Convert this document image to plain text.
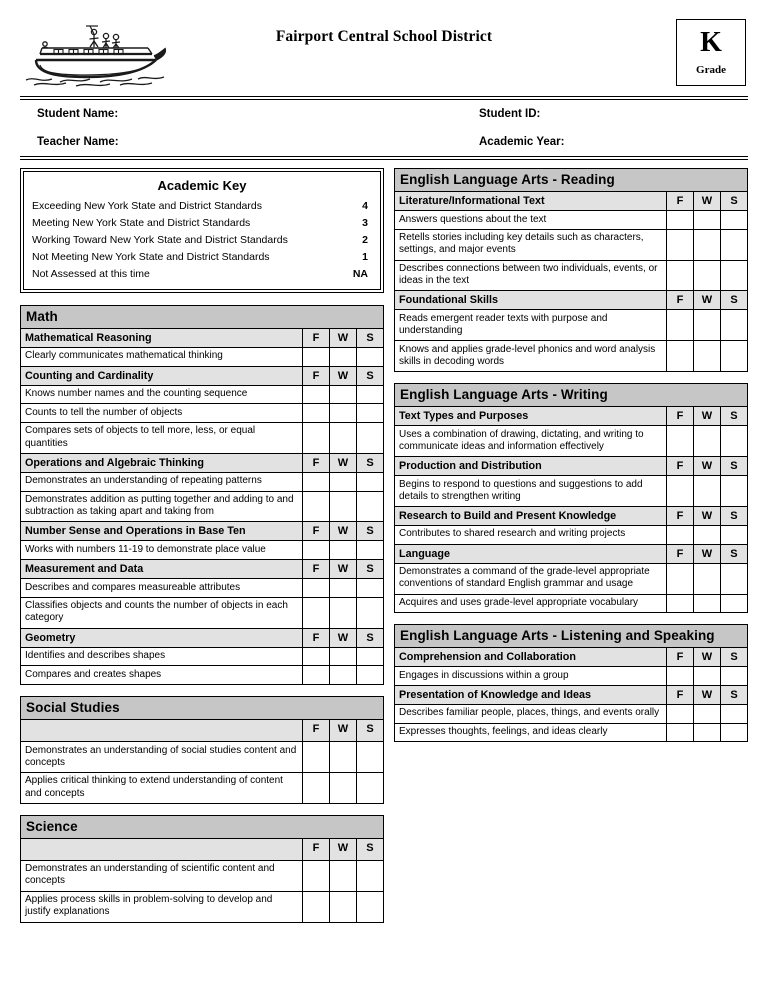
Fairport Central School District	K
Grade
Student Name:	Student ID:
Teacher Name:	Academic Year:
Academic Key
Exceeding New York State and District Standards	4
Meeting New York State and District Standards	3
Working Toward New York State and District Standards	2
Not Meeting New York State and District Standards	1
Not Assessed at this time	NA
Math			
Mathematical Reasoning	F	W	S
Clearly communicates mathematical thinking			
Counting and Cardinality	F	W	S
Knows number names and the counting sequence			
Counts to tell the number of objects			
Compares sets of objects to tell more, less, or equal quantities			
Operations and Algebraic Thinking	F	W	S
Demonstrates an understanding of repeating patterns			
Demonstrates addition as putting together and adding to and subtraction as taking apart and taking from			
Number Sense and Operations in Base Ten	F	W	S
Works with numbers 11-19 to demonstrate place value			
Measurement and Data	F	W	S
Describes and compares measureable attributes			
Classifies objects and counts the number of objects in each category			
Geometry	F	W	S
Identifies and describes shapes			
Compares and creates shapes			
Social Studies			
	F	W	S
Demonstrates an understanding of social studies content and concepts			
Applies critical thinking to extend understanding of content and concepts			
Science			
	F	W	S
Demonstrates an understanding of scientific content and concepts			
Applies process skills in problem-solving to develop and justify explanations			
English Language Arts - Reading			
Literature/Informational Text	F	W	S
Answers questions about the text			
Retells stories including key details such as characters, settings, and major events			
Describes connections between two individuals, events, or ideas in the text			
Foundational Skills	F	W	S
Reads emergent reader texts with purpose and understanding			
Knows and applies grade-level phonics and word analysis skills in decoding words			
English Language Arts - Writing			
Text Types and Purposes	F	W	S
Uses a combination of drawing, dictating, and writing to communicate ideas and information effectively			
Production and Distribution	F	W	S
Begins to respond to questions and suggestions to add details to strengthen writing			
Research to Build and Present Knowledge	F	W	S
Contributes to shared research and writing projects			
Language	F	W	S
Demonstrates a command of the grade-level appropriate conventions of standard English grammar and usage			
Acquires and uses grade-level appropriate vocabulary			
English Language Arts - Listening and Speaking			
Comprehension and Collaboration	F	W	S
Engages in discussions within a group			
Presentation of Knowledge and Ideas	F	W	S
Describes familiar people, places, things, and events orally			
Expresses thoughts, feelings, and ideas clearly			
